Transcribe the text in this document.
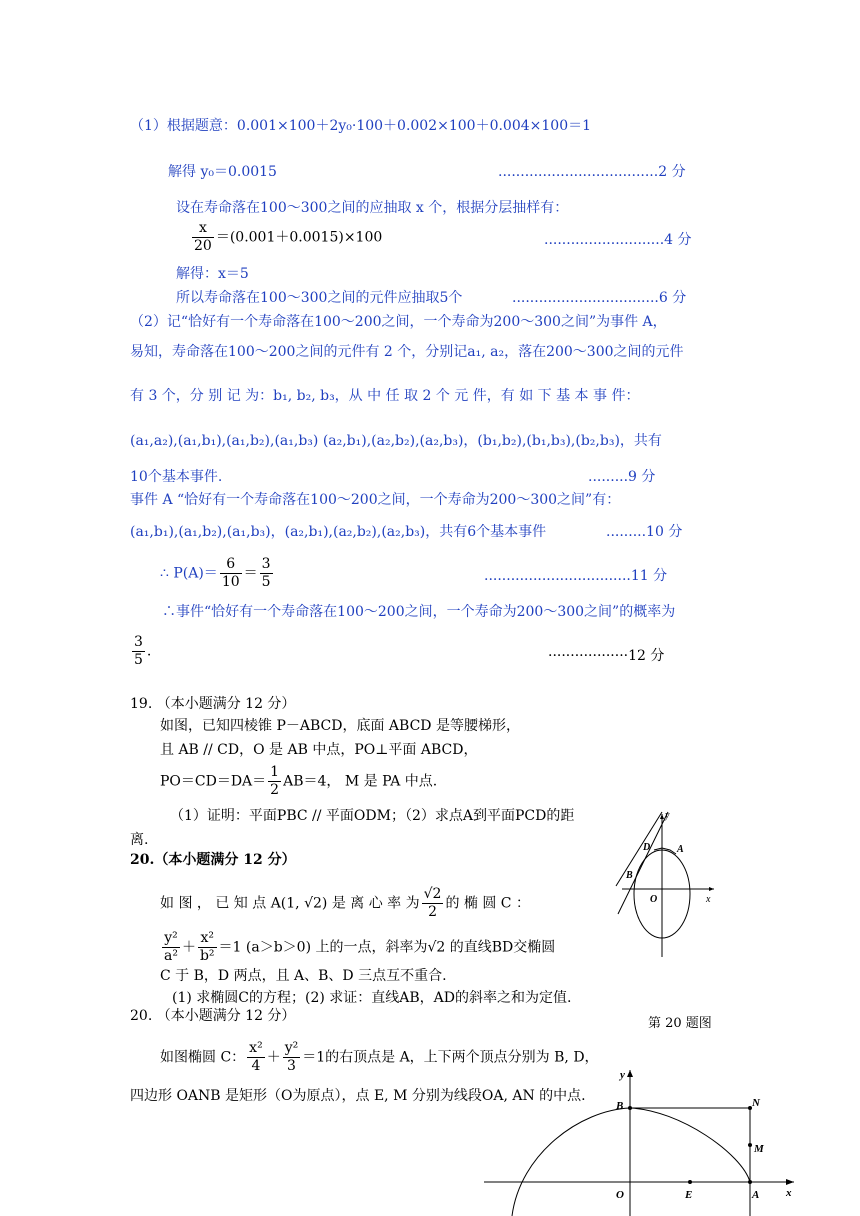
（1）根据题意：0.001×100＋2y₀·100＋0.002×100＋0.004×100＝1
解得 y₀＝0.0015	....................................2 分
设在寿命落在100～300之间的应抽取 x 个，根据分层抽样有：
$\frac{x}{20} =(0.001+0.0015)\times 100$	...........................4 分
解得：x＝5
所以寿命落在100～300之间的元件应抽取5个	.................................6 分
（2）记“恰好有一个寿命落在100～200之间，一个寿命为200～300之间”为事件 A，
易知，寿命落在100～200之间的元件有 2 个，分别记a₁, a₂，落在200～300之间的元件
有 3 个，分 别 记 为：b₁, b₂, b₃，从 中 任 取 2 个 元 件，有 如 下 基 本 事 件：
(a₁,a₂),(a₁,b₁),(a₁,b₂),(a₁,b₃) (a₂,b₁),(a₂,b₂),(a₂,b₃)，(b₁,b₂),(b₁,b₃),(b₂,b₃)，共有
10个基本事件.	.........9 分
事件 A “恰好有一个寿命落在100～200之间，一个寿命为200～300之间”有：
(a₁,b₁),(a₁,b₂),(a₁,b₃)，(a₂,b₁),(a₂,b₂),(a₂,b₃)，共有6个基本事件	.........10 分
∴ $P(A)= \frac{6}{10} = \frac{3}{5}$	.................................11 分
∴事件“恰好有一个寿命落在100～200之间，一个寿命为200～300之间”的概率为
$\frac{3}{5}$ .	··················12 分
19. （本小题满分 12 分）
如图，已知四棱锥 P－ABCD，底面 ABCD 是等腰梯形，
且 AB // CD，O 是 AB 中点，PO⊥平面 ABCD，
$PO=CD=DA= \frac{1}{2} AB=4$， M 是 PA 中点.
（1）证明：平面PBC // 平面ODM；（2）求点A到平面PCD的距
离.
20.（本小题满分 12 分）
如 图 ， 已 知 点 A(1, √2) 是 离 心 率 为 $\frac{√2}{2}$ 的 椭 圆 C ：
$\frac{\text{y²}}{\text{a²}} + \frac{\text{x²}}{\text{b²}} =1$ (a＞b＞0) 上的一点，斜率为√2 的直线BD交椭圆
C 于 B，D 两点，且 A、B、D 三点互不重合.
(1) 求椭圆C的方程；(2) 求证：直线AB，AD的斜率之和为定值.
第 20 题图
y
x
O
A
B
D
20. （本小题满分 12 分）
如图椭圆 C： $\frac{\text{x²}}{4} + \frac{\text{y²}}{3} =1$的右顶点是 A，上下两个顶点分别为 B, D，
四边形 OANB 是矩形（O为原点），点 E, M 分别为线段OA, AN 的中点.
y
x
O	A
B	N
M
E
